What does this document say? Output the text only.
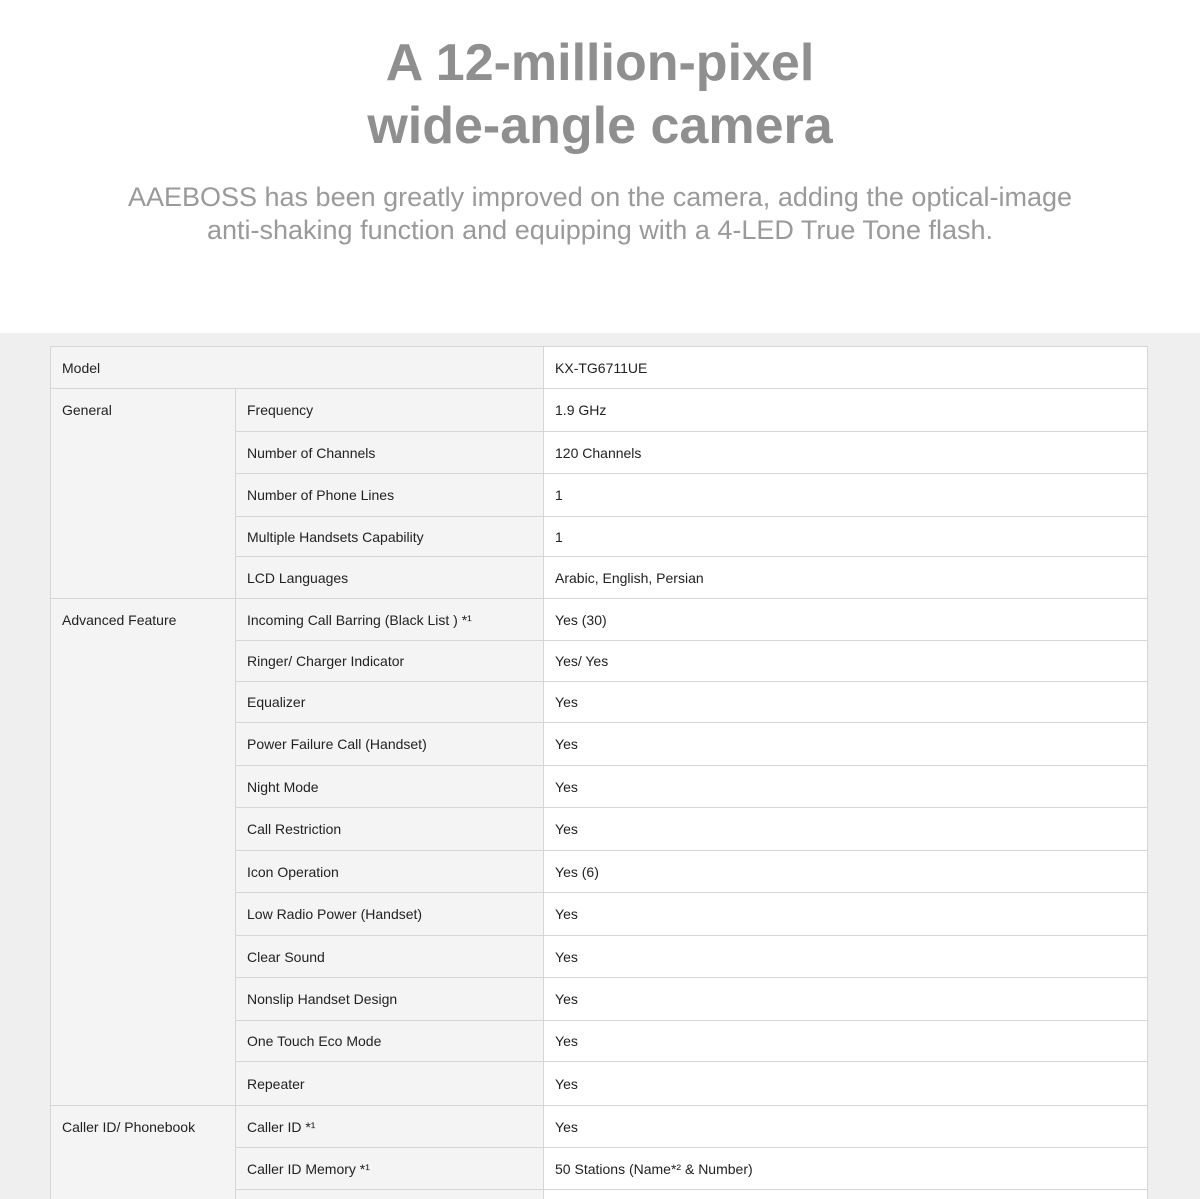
A 12-million-pixel
wide-angle camera
AAEBOSS has been greatly improved on the camera, adding the optical-image
anti-shaking function and equipping with a 4-LED True Tone flash.
Model		KX-TG6711UE
General	Frequency	1.9 GHz
	Number of Channels	120 Channels
	Number of Phone Lines	1
	Multiple Handsets Capability	1
	LCD Languages	Arabic, English, Persian
Advanced Feature	Incoming Call Barring (Black List ) *¹	Yes (30)
	Ringer/ Charger Indicator	Yes/ Yes
	Equalizer	Yes
	Power Failure Call (Handset)	Yes
	Night Mode	Yes
	Call Restriction	Yes
	Icon Operation	Yes (6)
	Low Radio Power (Handset)	Yes
	Clear Sound	Yes
	Nonslip Handset Design	Yes
	One Touch Eco Mode	Yes
	Repeater	Yes
Caller ID/ Phonebook	Caller ID *¹	Yes
	Caller ID Memory *¹	50 Stations (Name*² & Number)
